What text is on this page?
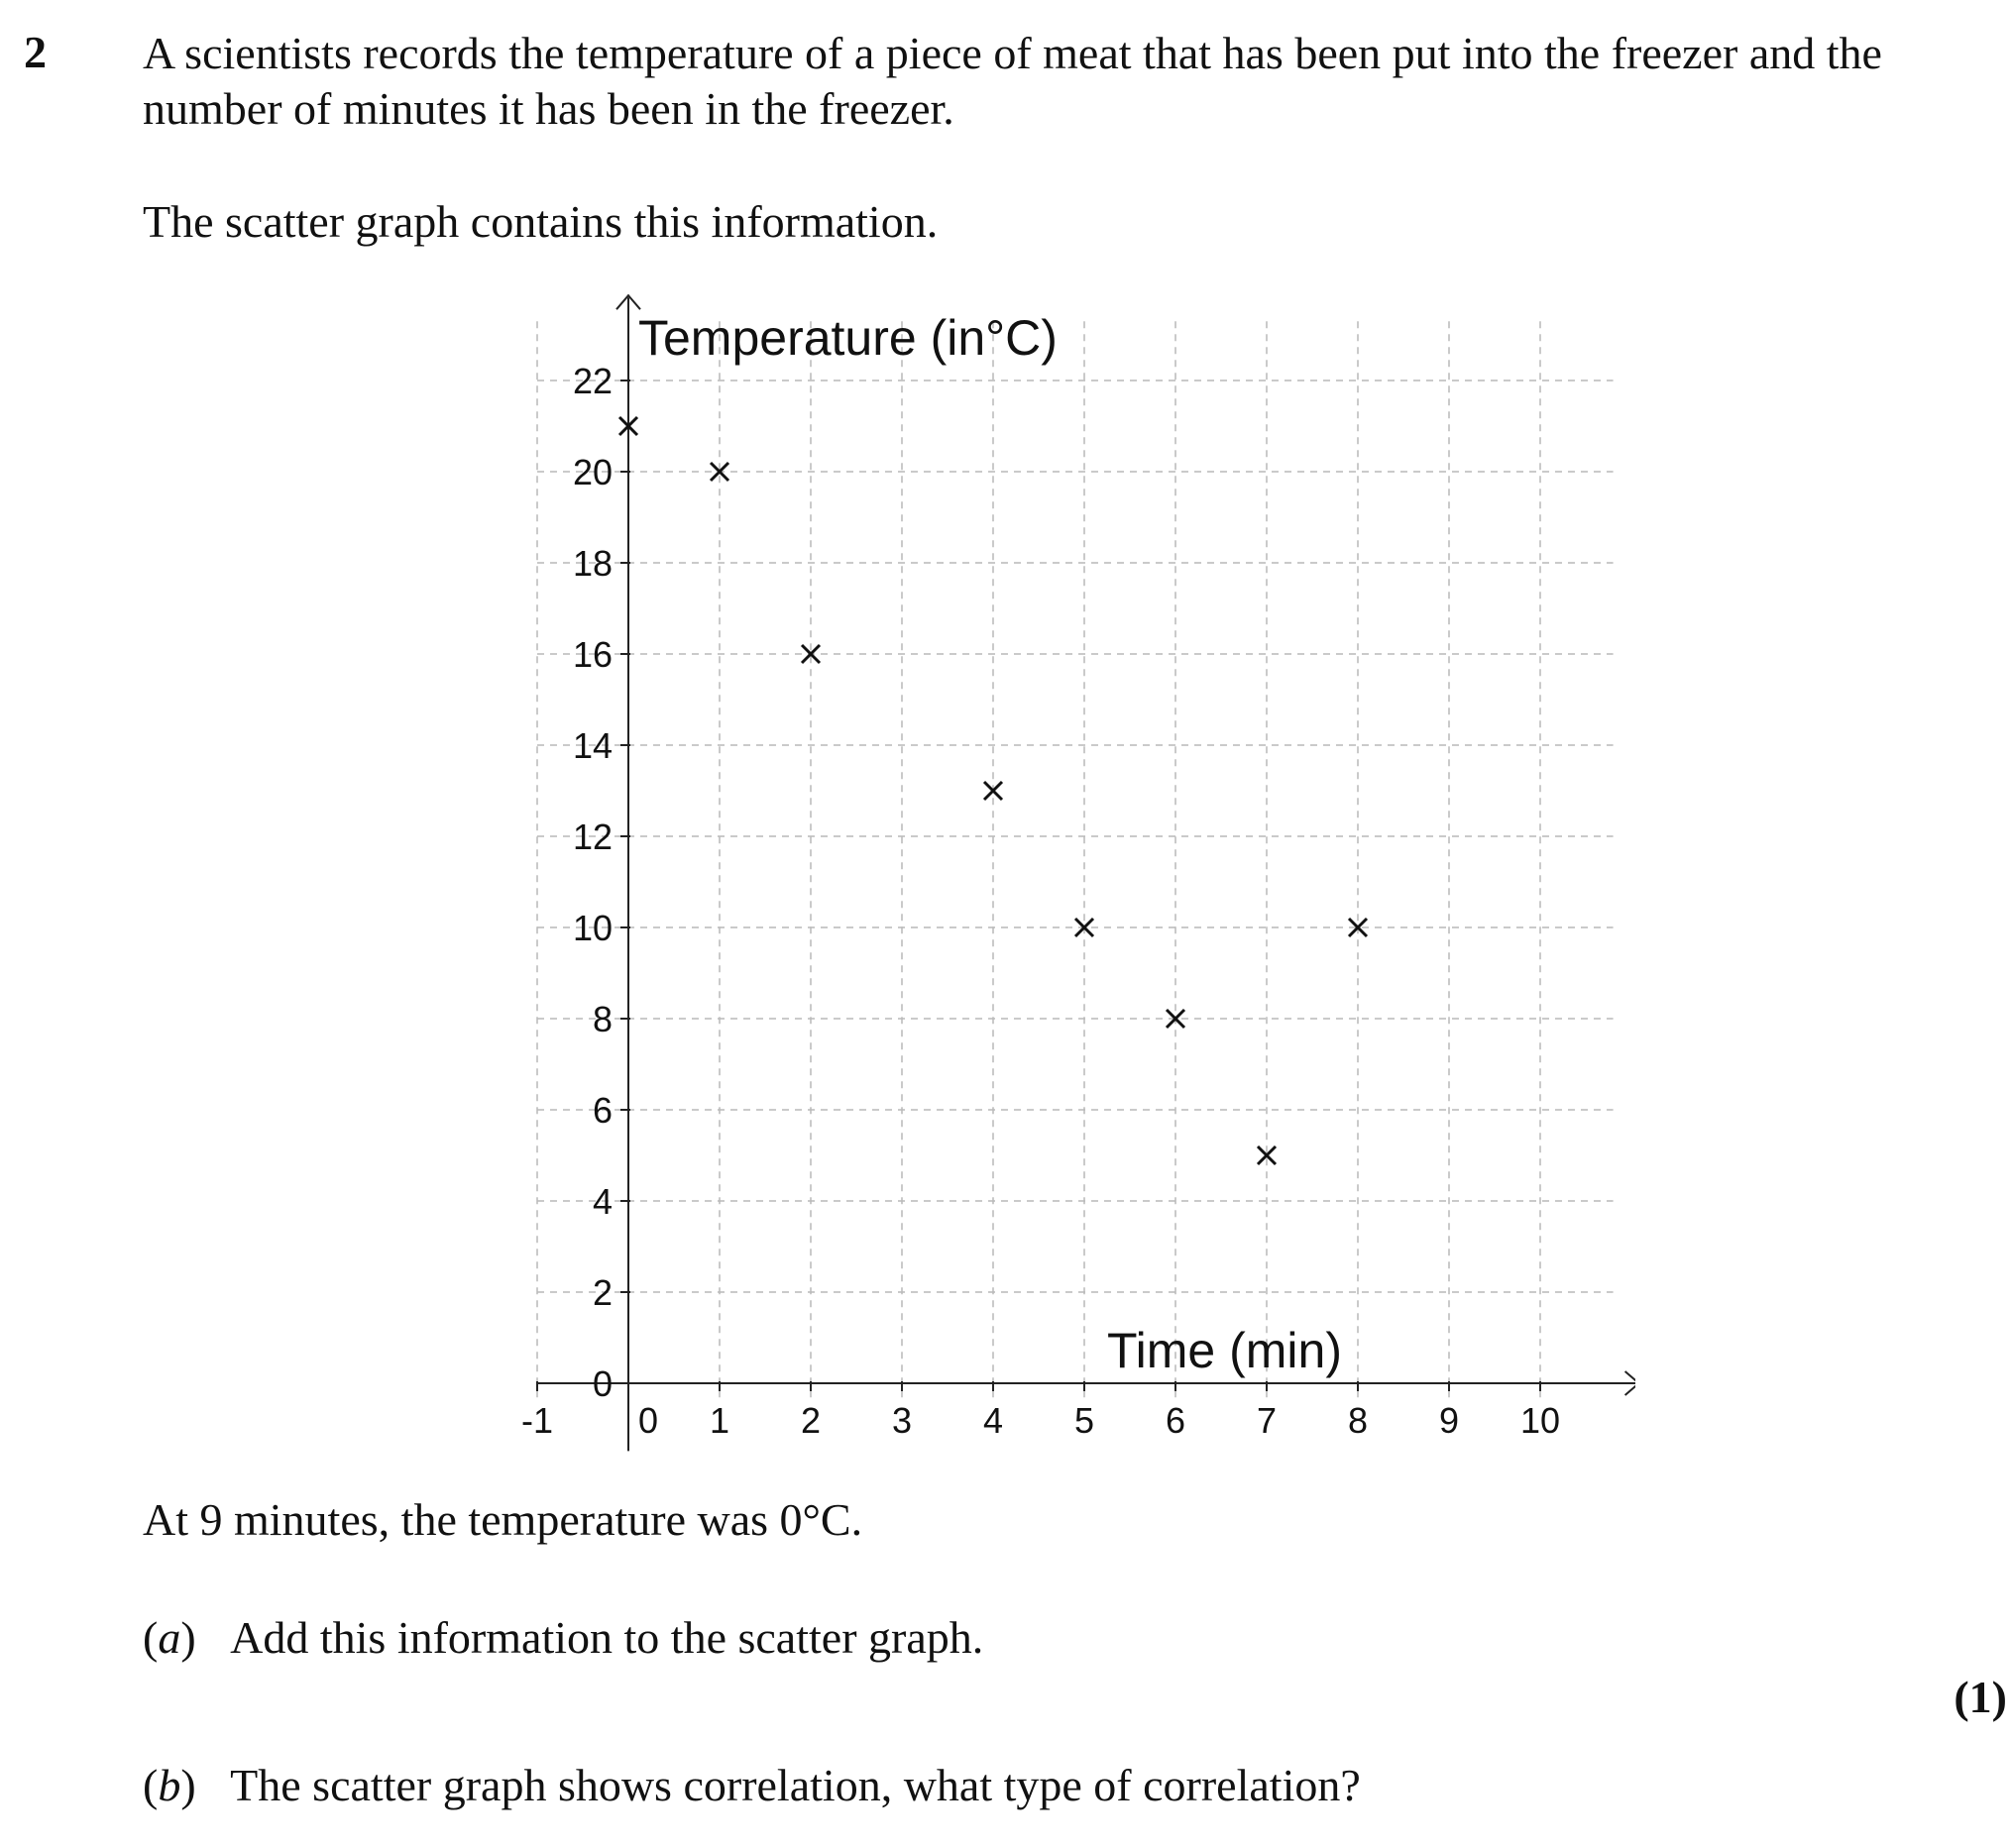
2 A scientists records the temperature of a piece of meat that has been put into the freezer and the number of minutes it has been in the freezer.
The scatter graph contains this information.
-1 0 1 2 3 4 5 6 7 8 9 10
0
2
4
6
8
10
12
14
16
18
20
22
Temperature (in°C)
Time (min)
At 9 minutes, the temperature was 0°C.
(a)   Add this information to the scatter graph.
(1)
(b)   The scatter graph shows correlation, what type of correlation?
